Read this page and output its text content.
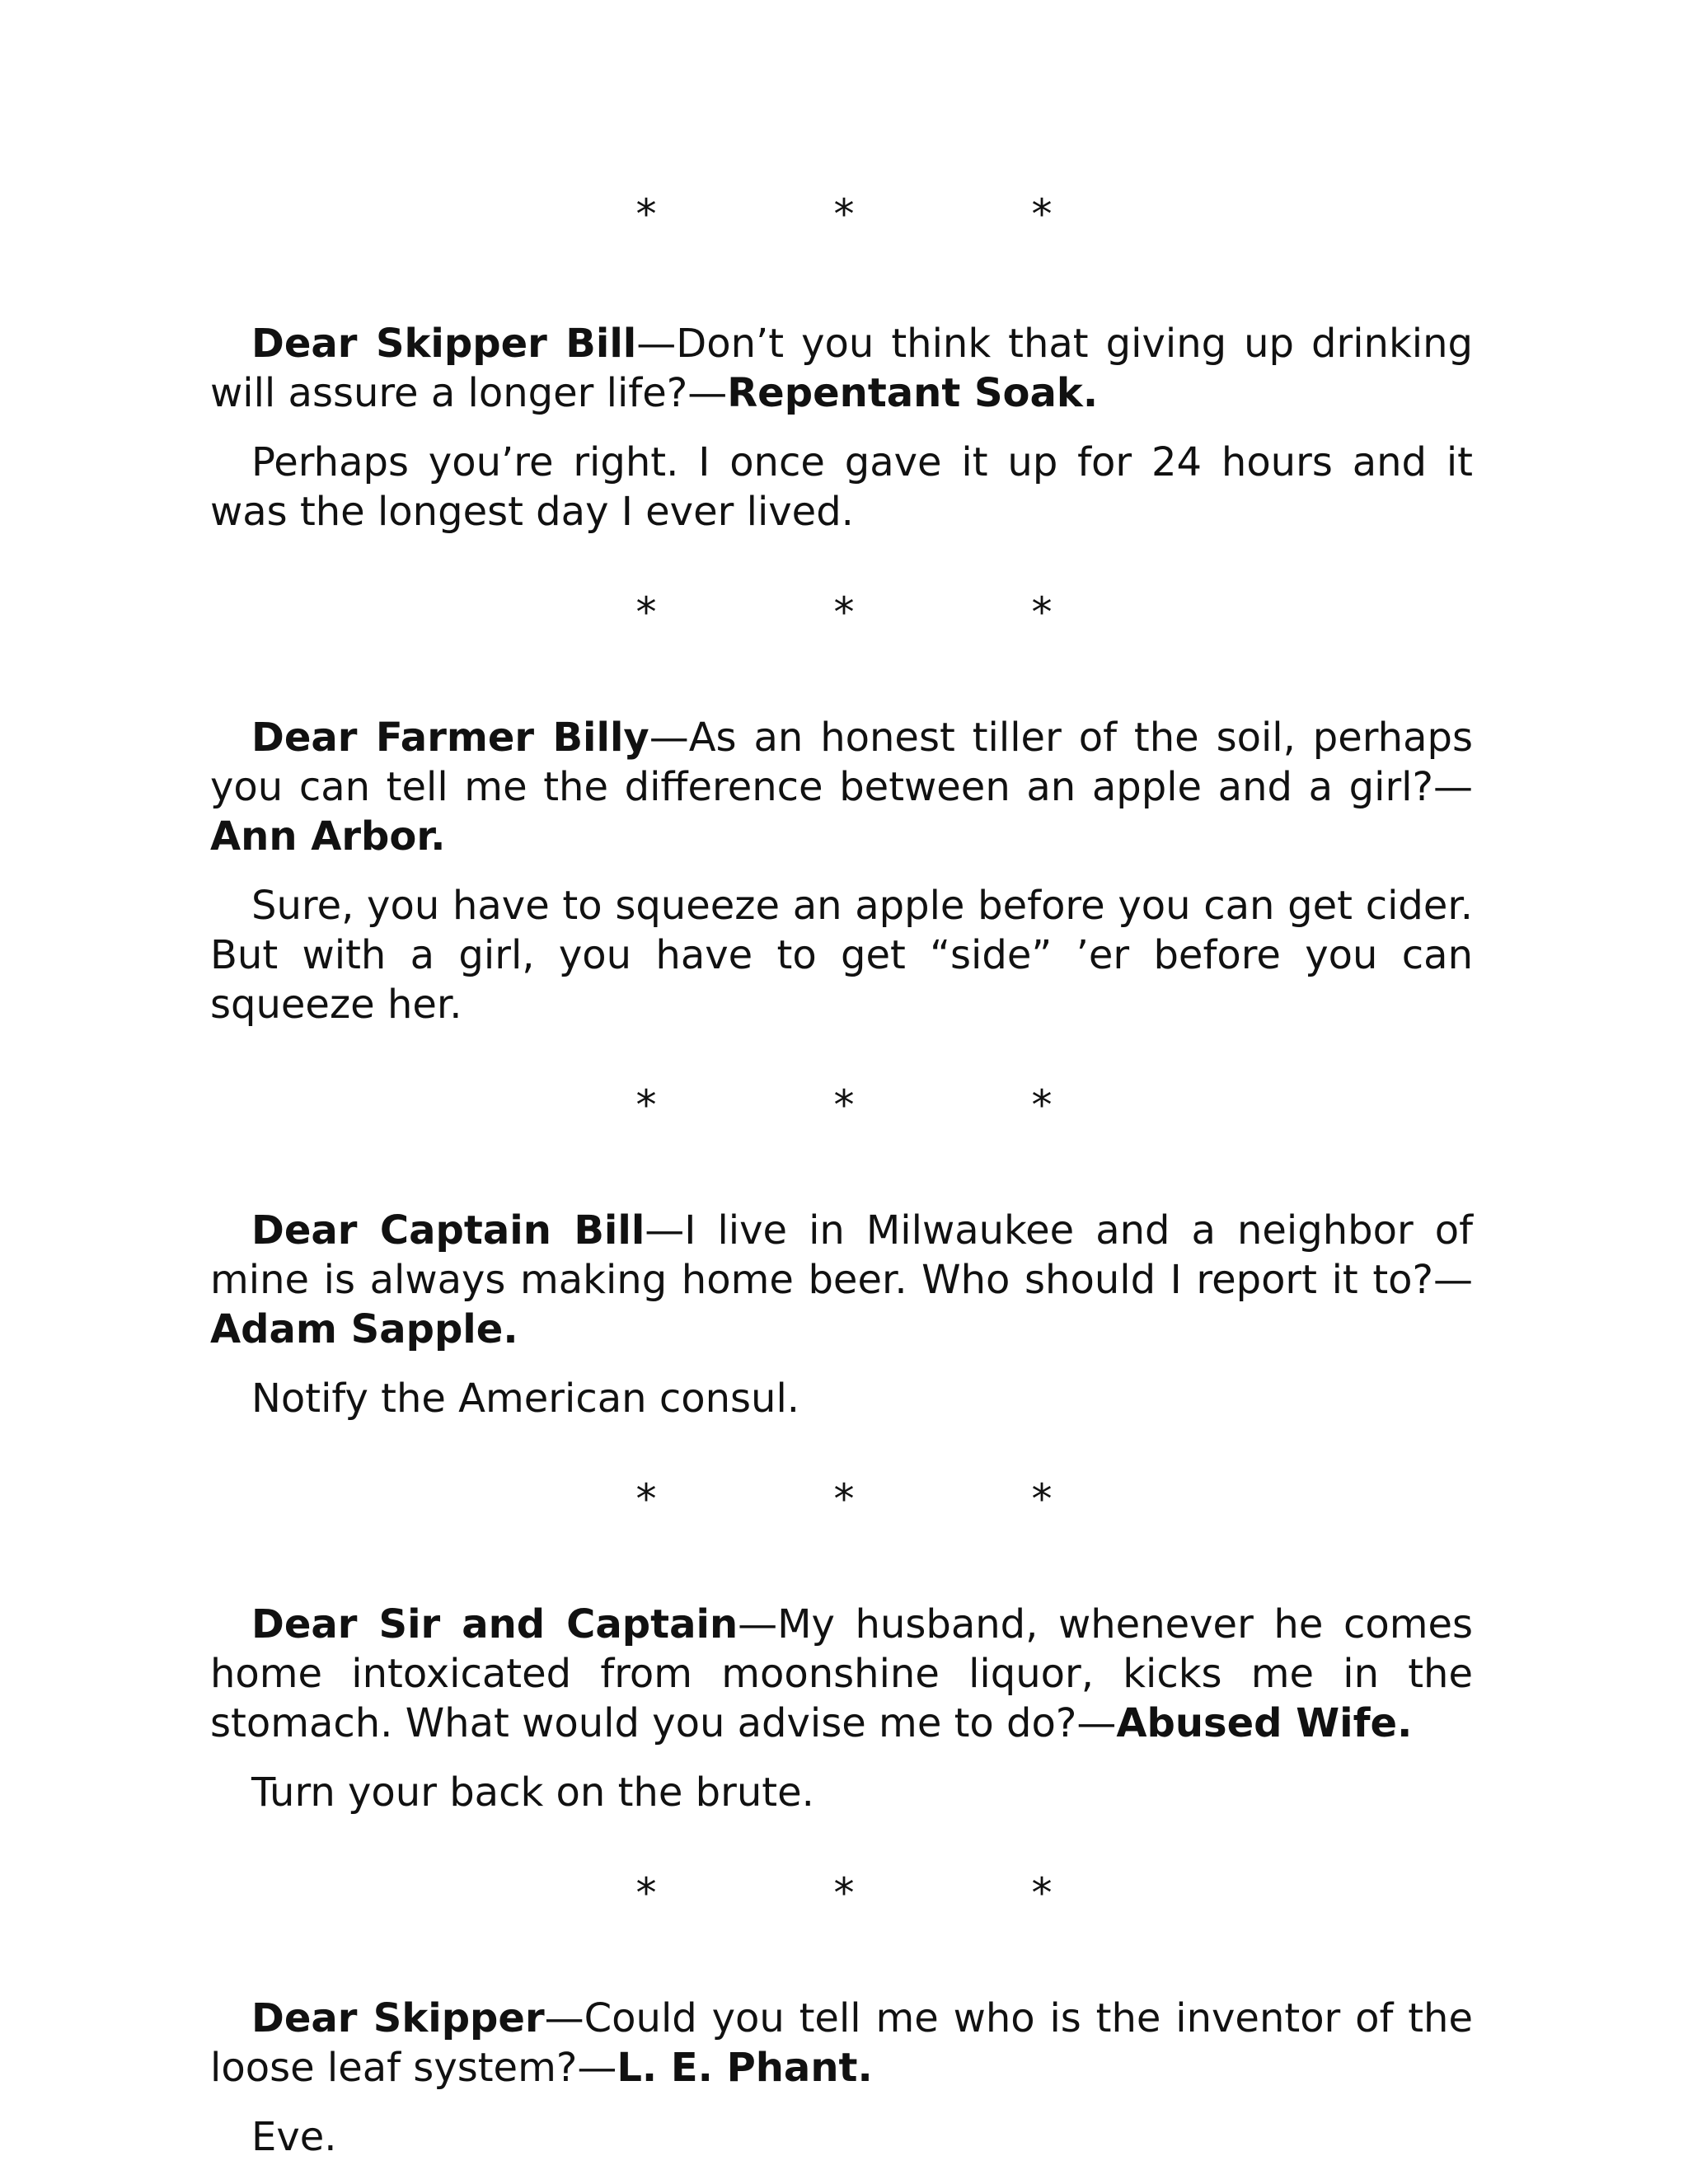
*	*	*

Dear Skipper Bill—Don’t you think that giving up drinking will assure a longer life?—Repentant Soak.

Perhaps you’re right. I once gave it up for 24 hours and it was the longest day I ever lived.

*	*	*

Dear Farmer Billy—As an honest tiller of the soil, perhaps you can tell me the difference between an apple and a girl?—Ann Arbor.

Sure, you have to squeeze an apple before you can get cider. But with a girl, you have to get “side” ’er before you can squeeze her.

*	*	*

Dear Captain Bill—I live in Milwaukee and a neighbor of mine is always making home beer. Who should I report it to?—Adam Sapple.

Notify the American consul.

*	*	*

Dear Sir and Captain—My husband, whenever he comes home intoxicated from moonshine liquor, kicks me in the stomach. What would you advise me to do?—Abused Wife.

Turn your back on the brute.

*	*	*

Dear Skipper—Could you tell me who is the inventor of the loose leaf system?—L. E. Phant.

Eve.
